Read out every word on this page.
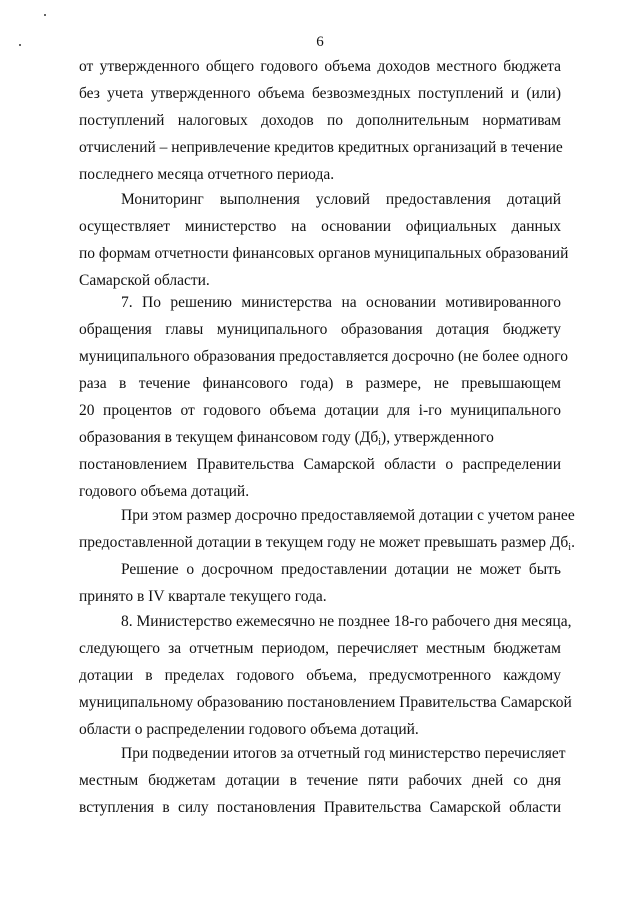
6
от утвержденного общего годового объема доходов местного бюджета
без учета утвержденного объема безвозмездных поступлений и (или)
поступлений налоговых доходов по дополнительным нормативам
отчислений – непривлечение кредитов кредитных организаций в течение
последнего месяца отчетного периода.
Мониторинг выполнения условий предоставления дотаций
осуществляет министерство на основании официальных данных
по формам отчетности финансовых органов муниципальных образований
Самарской области.
7. По решению министерства на основании мотивированного
обращения главы муниципального образования дотация бюджету
муниципального образования предоставляется досрочно (не более одного
раза в течение финансового года) в размере, не превышающем
20 процентов от годового объема дотации для i-го муниципального
образования в текущем финансовом году $(Дб_i)$, утвержденного
постановлением Правительства Самарской области о распределении
годового объема дотаций.
При этом размер досрочно предоставляемой дотации с учетом ранее
предоставленной дотации в текущем году не может превышать размер $Дб_i$.
Решение о досрочном предоставлении дотации не может быть
принято в IV квартале текущего года.
8. Министерство ежемесячно не позднее 18-го рабочего дня месяца,
следующего за отчетным периодом, перечисляет местным бюджетам
дотации в пределах годового объема, предусмотренного каждому
муниципальному образованию постановлением Правительства Самарской
области о распределении годового объема дотаций.
При подведении итогов за отчетный год министерство перечисляет
местным бюджетам дотации в течение пяти рабочих дней со дня
вступления в силу постановления Правительства Самарской области
